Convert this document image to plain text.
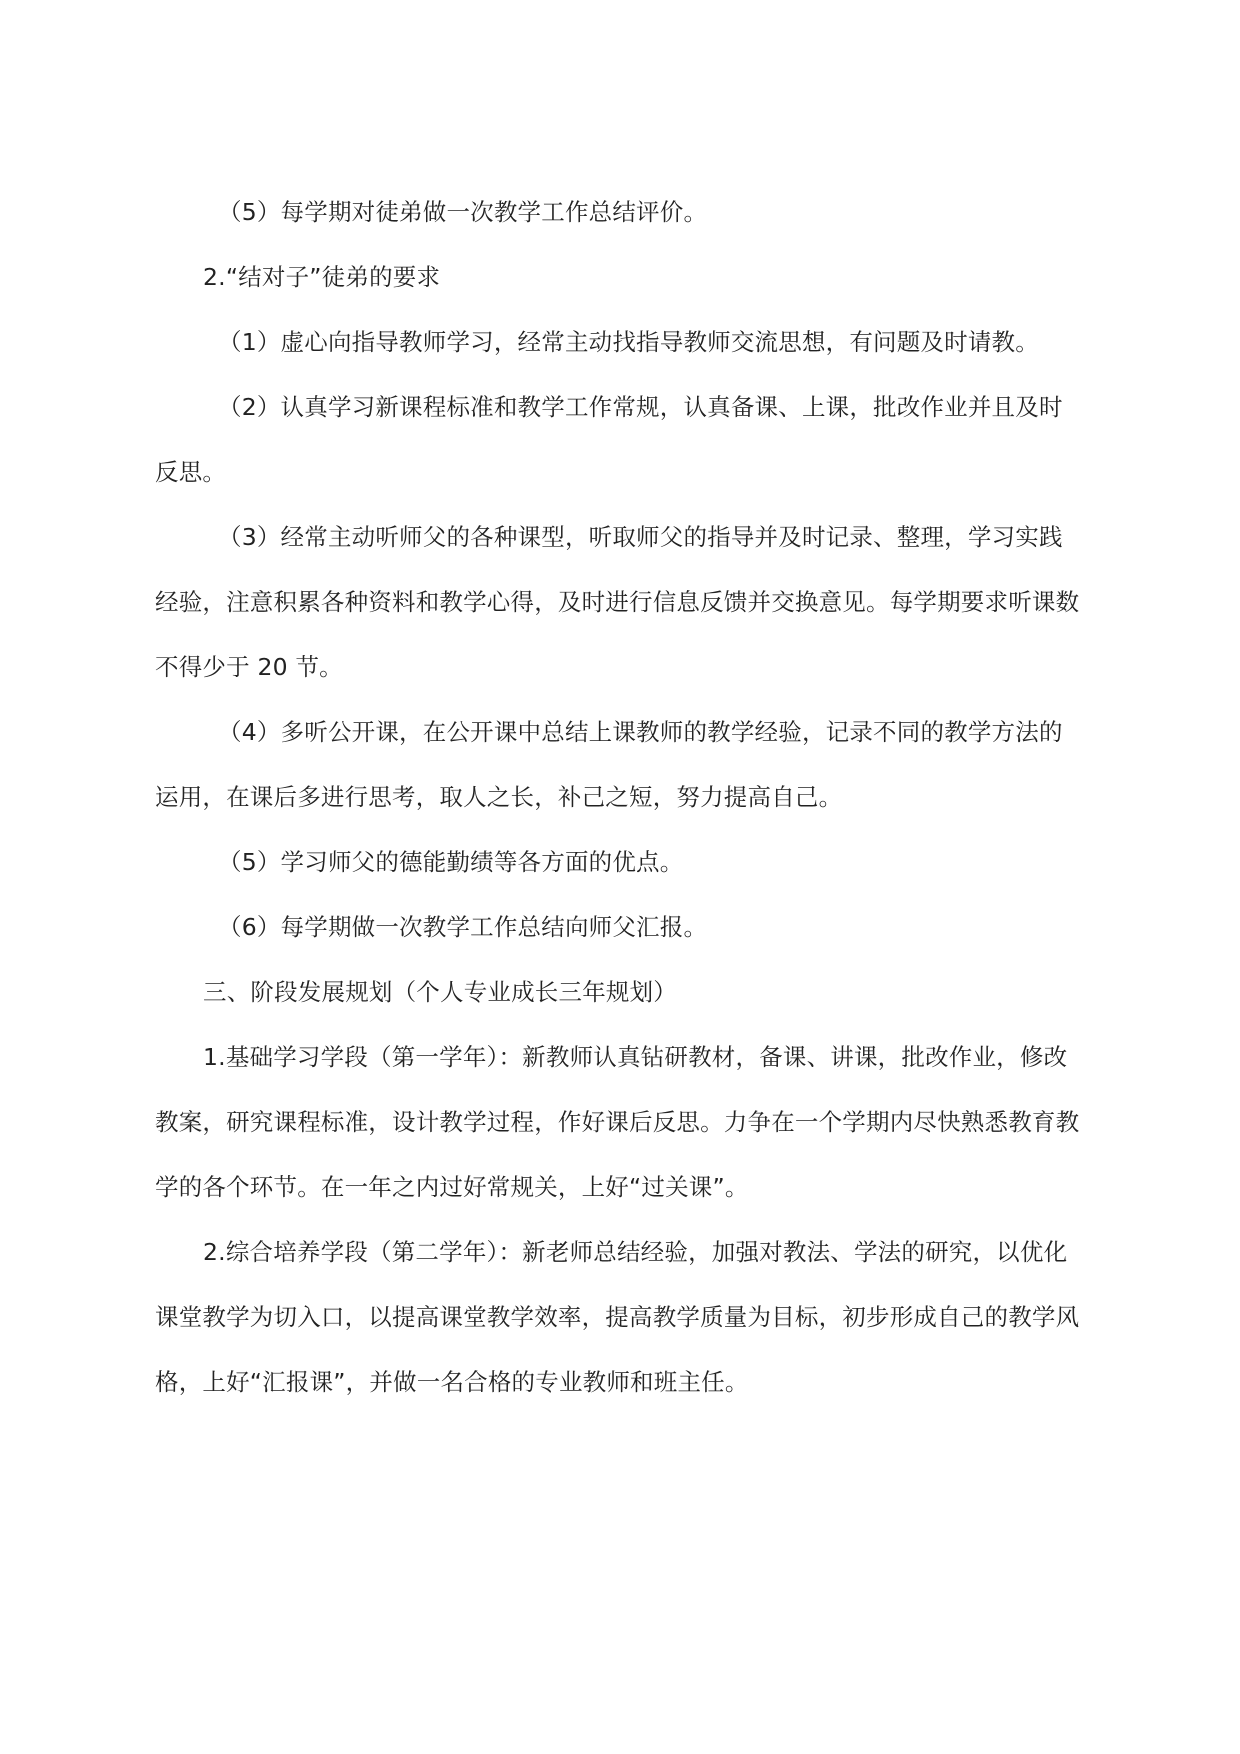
（5）每学期对徒弟做一次教学工作总结评价。

2.“结对子”徒弟的要求

（1）虚心向指导教师学习，经常主动找指导教师交流思想，有问题及时请教。

（2）认真学习新课程标准和教学工作常规，认真备课、上课，批改作业并且及时反思。

（3）经常主动听师父的各种课型，听取师父的指导并及时记录、整理，学习实践经验，注意积累各种资料和教学心得，及时进行信息反馈并交换意见。每学期要求听课数不得少于 20 节。

（4）多听公开课，在公开课中总结上课教师的教学经验，记录不同的教学方法的运用，在课后多进行思考，取人之长，补己之短，努力提高自己。

（5）学习师父的德能勤绩等各方面的优点。

（6）每学期做一次教学工作总结向师父汇报。

三、阶段发展规划（个人专业成长三年规划）

1.基础学习学段（第一学年）：新教师认真钻研教材，备课、讲课，批改作业，修改教案，研究课程标准，设计教学过程，作好课后反思。力争在一个学期内尽快熟悉教育教学的各个环节。在一年之内过好常规关，上好“过关课”。

2.综合培养学段（第二学年）：新老师总结经验，加强对教法、学法的研究，以优化课堂教学为切入口，以提高课堂教学效率，提高教学质量为目标，初步形成自己的教学风格，上好“汇报课”，并做一名合格的专业教师和班主任。
